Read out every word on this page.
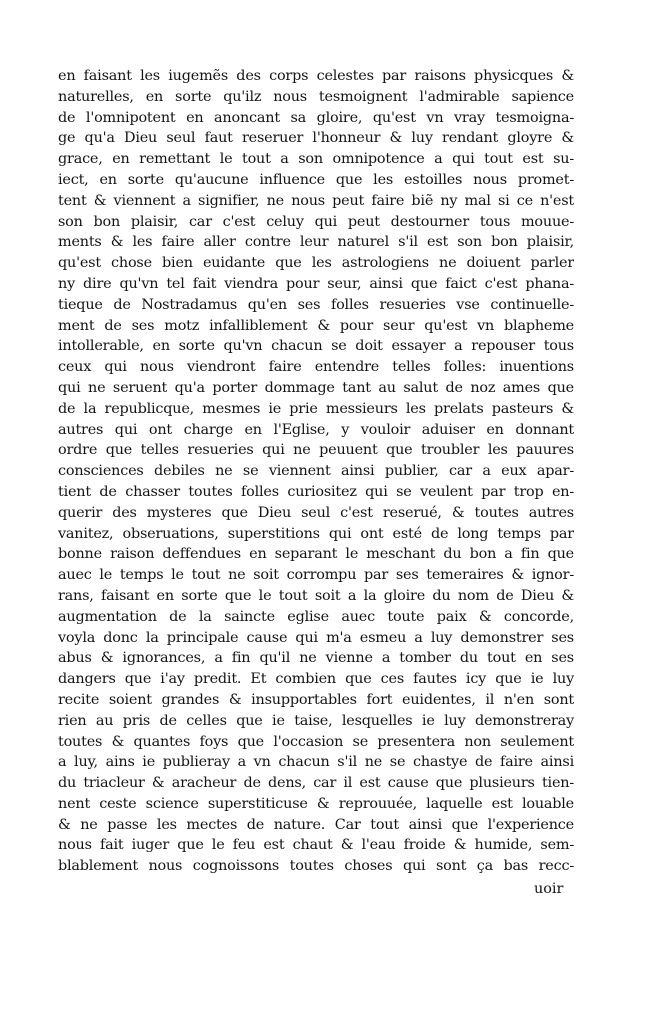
en faisant les iugemẽs des corps celestes par raisons physicques &
naturelles, en sorte qu'ilz nous tesmoignent l'admirable sapience
de l'omnipotent en anoncant sa gloire, qu'est vn vray tesmoigna-
ge qu'a Dieu seul faut reseruer l'honneur & luy rendant gloyre &
grace, en remettant le tout a son omnipotence a qui tout est su-
iect, en sorte qu'aucune influence que les estoilles nous promet-
tent & viennent a signifier, ne nous peut faire biẽ ny mal si ce n'est
son bon plaisir, car c'est celuy qui peut destourner tous mouue-
ments & les faire aller contre leur naturel s'il est son bon plaisir,
qu'est chose bien euidante que les astrologiens ne doiuent parler
ny dire qu'vn tel fait viendra pour seur, ainsi que faict c'est phana-
tieque de Nostradamus qu'en ses folles resueries vse continuelle-
ment de ses motz infalliblement & pour seur qu'est vn blapheme
intollerable, en sorte qu'vn chacun se doit essayer a repouser tous
ceux qui nous viendront faire entendre telles folles: inuentions
qui ne seruent qu'a porter dommage tant au salut de noz ames que
de la republicque, mesmes ie prie messieurs les prelats pasteurs &
autres qui ont charge en l'Eglise, y vouloir aduiser en donnant
ordre que telles resueries qui ne peuuent que troubler les pauures
consciences debiles ne se viennent ainsi publier, car a eux apar-
tient de chasser toutes folles curiositez qui se veulent par trop en-
querir des mysteres que Dieu seul c'est reserué, & toutes autres
vanitez, obseruations, superstitions qui ont esté de long temps par
bonne raison deffendues en separant le meschant du bon a fin que
auec le temps le tout ne soit corrompu par ses temeraires & ignor-
rans, faisant en sorte que le tout soit a la gloire du nom de Dieu &
augmentation de la saincte eglise auec toute paix & concorde,
voyla donc la principale cause qui m'a esmeu a luy demonstrer ses
abus & ignorances, a fin qu'il ne vienne a tomber du tout en ses
dangers que i'ay predit. Et combien que ces fautes icy que ie luy
recite soient grandes & insupportables fort euidentes, il n'en sont
rien au pris de celles que ie taise, lesquelles ie luy demonstreray
toutes & quantes foys que l'occasion se presentera non seulement
a luy, ains ie publieray a vn chacun s'il ne se chastye de faire ainsi
du triacleur & aracheur de dens, car il est cause que plusieurs tien-
nent ceste science superstiticuse & reprouuée, laquelle est louable
& ne passe les mectes de nature. Car tout ainsi que l'experience
nous fait iuger que le feu est chaut & l'eau froide & humide, sem-
blablement nous cognoissons toutes choses qui sont ça bas recc-
uoir
